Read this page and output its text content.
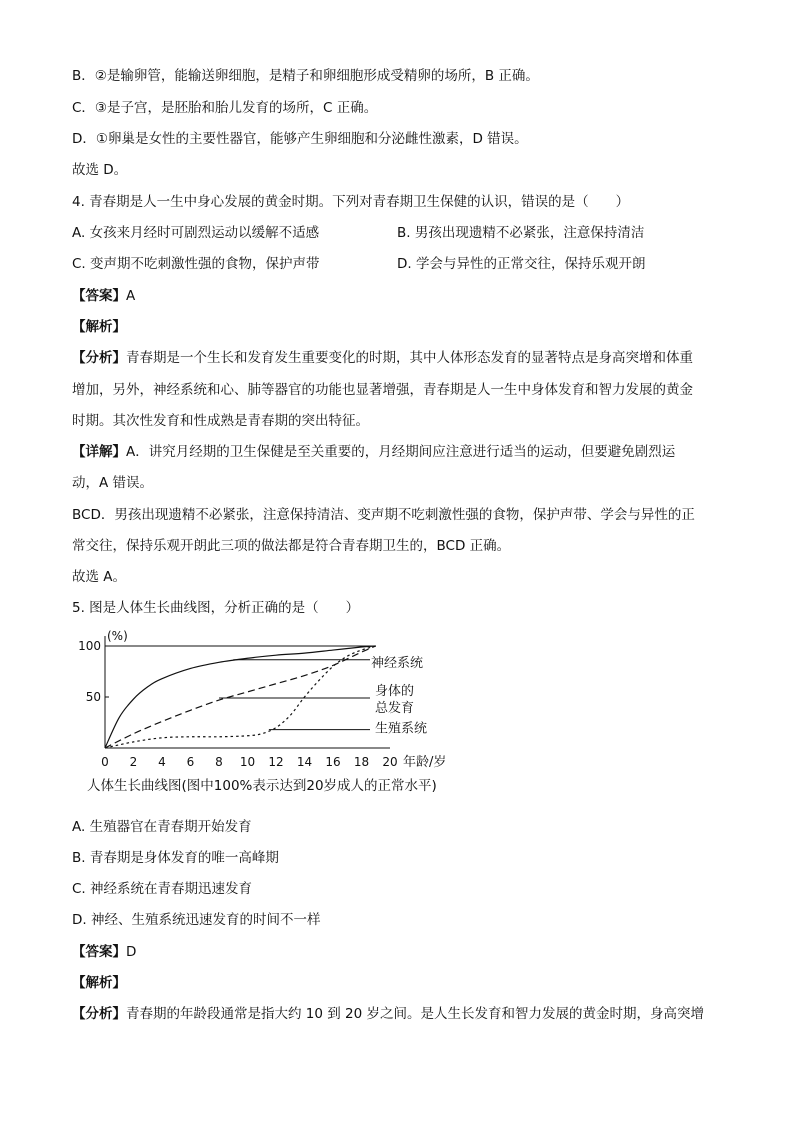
B．②是输卵管，能输送卵细胞，是精子和卵细胞形成受精卵的场所，B 正确。
C．③是子宫，是胚胎和胎儿发育的场所，C 正确。
D．①卵巢是女性的主要性器官，能够产生卵细胞和分泌雌性激素，D 错误。
故选 D。
4. 青春期是人一生中身心发展的黄金时期。下列对青春期卫生保健的认识，错误的是（　　）
A. 女孩来月经时可剧烈运动以缓解不适感	B. 男孩出现遗精不必紧张，注意保持清洁
C. 变声期不吃刺激性强的食物，保护声带	D. 学会与异性的正常交往，保持乐观开朗
【答案】A
【解析】
【分析】青春期是一个生长和发育发生重要变化的时期，其中人体形态发育的显著特点是身高突增和体重
增加，另外，神经系统和心、肺等器官的功能也显著增强，青春期是人一生中身体发育和智力发展的黄金
时期。其次性发育和性成熟是青春期的突出特征。
【详解】A．讲究月经期的卫生保健是至关重要的，月经期间应注意进行适当的运动，但要避免剧烈运
动，A 错误。
BCD．男孩出现遗精不必紧张，注意保持清洁、变声期不吃刺激性强的食物，保护声带、学会与异性的正
常交往，保持乐观开朗此三项的做法都是符合青春期卫生的，BCD 正确。
故选 A。
5. 图是人体生长曲线图，分析正确的是（　　）
100
50
0 2 4 6 8 10 12 14 16 18 20
(%)
年龄/岁
神经系统
身体的
总发育
生殖系统
人体生长曲线图(图中100%表示达到20岁成人的正常水平)
A. 生殖器官在青春期开始发育
B. 青春期是身体发育的唯一高峰期
C. 神经系统在青春期迅速发育
D. 神经、生殖系统迅速发育的时间不一样
【答案】D
【解析】
【分析】青春期的年龄段通常是指大约 10 到 20 岁之间。是人生长发育和智力发展的黄金时期，身高突增
